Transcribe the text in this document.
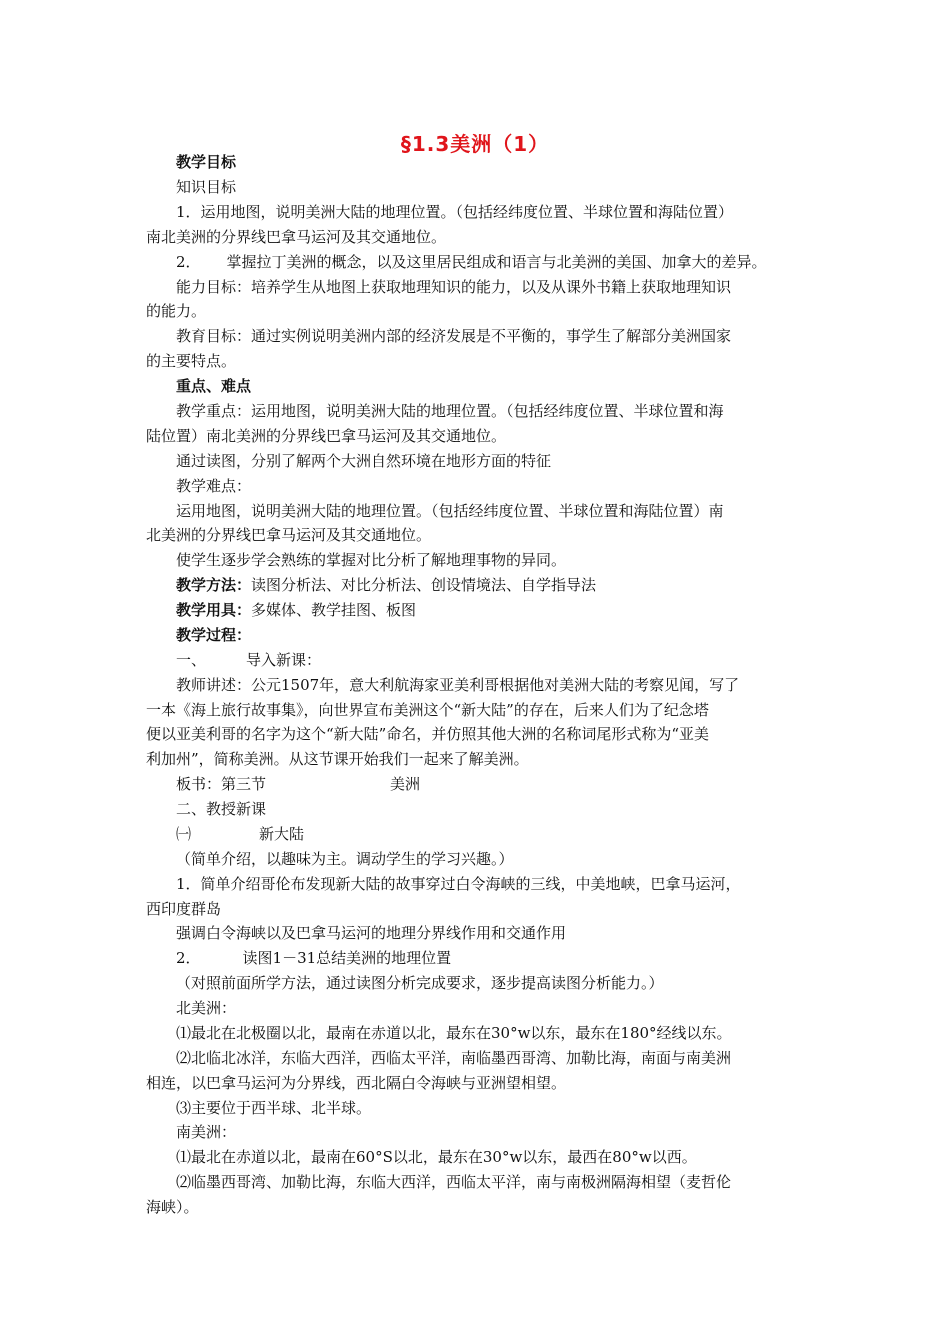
§1.3美洲（1）
教学目标
知识目标
1．运用地图，说明美洲大陆的地理位置。（包括经纬度位置、半球位置和海陆位置）
南北美洲的分界线巴拿马运河及其交通地位。
2． 掌握拉丁美洲的概念，以及这里居民组成和语言与北美洲的美国、加拿大的差异。
能力目标：培养学生从地图上获取地理知识的能力，以及从课外书籍上获取地理知识
的能力。
教育目标：通过实例说明美洲内部的经济发展是不平衡的，事学生了解部分美洲国家
的主要特点。
重点、难点
教学重点：运用地图，说明美洲大陆的地理位置。（包括经纬度位置、半球位置和海
陆位置）南北美洲的分界线巴拿马运河及其交通地位。
通过读图，分别了解两个大洲自然环境在地形方面的特征
教学难点：
运用地图，说明美洲大陆的地理位置。（包括经纬度位置、半球位置和海陆位置）南
北美洲的分界线巴拿马运河及其交通地位。
使学生逐步学会熟练的掌握对比分析了解地理事物的异同。
教学方法：读图分析法、对比分析法、创设情境法、自学指导法
教学用具：多媒体、教学挂图、板图
教学过程：
一、	导入新课：
教师讲述：公元1507年，意大利航海家亚美利哥根据他对美洲大陆的考察见闻，写了
一本《海上旅行故事集》，向世界宣布美洲这个“新大陆”的存在，后来人们为了纪念塔
便以亚美利哥的名字为这个“新大陆”命名，并仿照其他大洲的名称词尾形式称为“亚美
利加州”，简称美洲。从这节课开始我们一起来了解美洲。
板书：第三节	美洲
二、教授新课
㈠	新大陆
（简单介绍，以趣味为主。调动学生的学习兴趣。）
1．简单介绍哥伦布发现新大陆的故事穿过白令海峡的三线，中美地峡，巴拿马运河，
西印度群岛
强调白令海峡以及巴拿马运河的地理分界线作用和交通作用
2．	读图1－31总结美洲的地理位置
（对照前面所学方法，通过读图分析完成要求，逐步提高读图分析能力。）
北美洲：
⑴最北在北极圈以北，最南在赤道以北，最东在30°w以东，最东在180°经线以东。
⑵北临北冰洋，东临大西洋，西临太平洋，南临墨西哥湾、加勒比海，南面与南美洲
相连，以巴拿马运河为分界线，西北隔白令海峡与亚洲望相望。
⑶主要位于西半球、北半球。
南美洲：
⑴最北在赤道以北，最南在60°S以北，最东在30°w以东，最西在80°w以西。
⑵临墨西哥湾、加勒比海，东临大西洋，西临太平洋，南与南极洲隔海相望（麦哲伦
海峡）。
